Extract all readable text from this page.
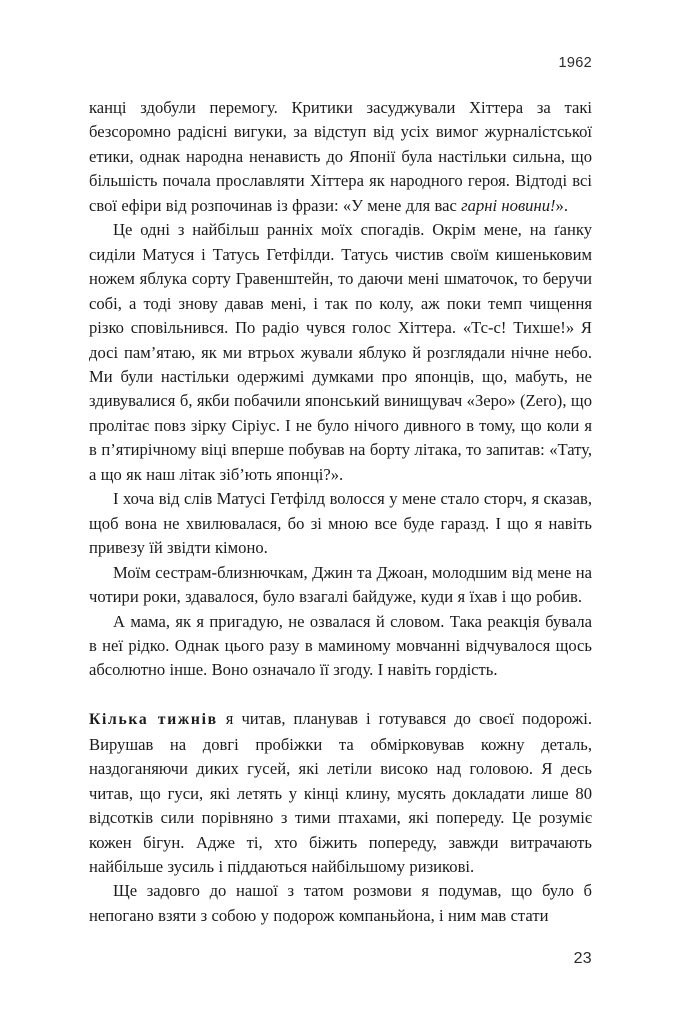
1962

канці здобули перемогу. Критики засуджували Хіттера за такі безсоромно радісні вигуки, за відступ від усіх вимог журналістської етики, однак народна ненависть до Японії була настільки сильна, що більшість почала прославляти Хіттера як народного героя. Відтоді всі свої ефіри від розпочинав із фрази: «У мене для вас гарні новини!».

Це одні з найбільш ранніх моїх спогадів. Окрім мене, на ґанку сиділи Матуся і Татусь Гетфілди. Татусь чистив своїм кишеньковим ножем яблука сорту Гравенштейн, то даючи мені шматочок, то беручи собі, а тоді знову давав мені, і так по колу, аж поки темп чищення різко сповільнився. По радіо чувся голос Хіттера. «Тс-с! Тихше!» Я досі пам’ятаю, як ми втрьох жували яблуко й розглядали нічне небо. Ми були настільки одержимі думками про японців, що, мабуть, не здивувалися б, якби побачили японський винищувач «Зеро» (Zero), що пролітає повз зірку Сіріус. І не було нічого дивного в тому, що коли я в п’ятирічному віці вперше побував на борту літака, то запитав: «Тату, а що як наш літак зіб’ють японці?».

І хоча від слів Матусі Гетфілд волосся у мене стало сторч, я сказав, щоб вона не хвилювалася, бо зі мною все буде гаразд. І що я навіть привезу їй звідти кімоно.

Моїм сестрам-близнючкам, Джин та Джоан, молодшим від мене на чотири роки, здавалося, було взагалі байдуже, куди я їхав і що робив.

А мама, як я пригадую, не озвалася й словом. Така реакція бувала в неї рідко. Однак цього разу в маминому мовчанні відчувалося щось абсолютно інше. Воно означало її згоду. І навіть гордість.

Кілька тижнів я читав, планував і готувався до своєї подорожі. Вирушав на довгі пробіжки та обмірковував кожну деталь, наздоганяючи диких гусей, які летіли високо над головою. Я десь читав, що гуси, які летять у кінці клину, мусять докладати лише 80 відсотків сили порівняно з тими птахами, які попереду. Це розуміє кожен бігун. Адже ті, хто біжить попереду, завжди витрачають найбільше зусиль і піддаються найбільшому ризикові.

Ще задовго до нашої з татом розмови я подумав, що було б непогано взяти з собою у подорож компаньйона, і ним мав стати

23
